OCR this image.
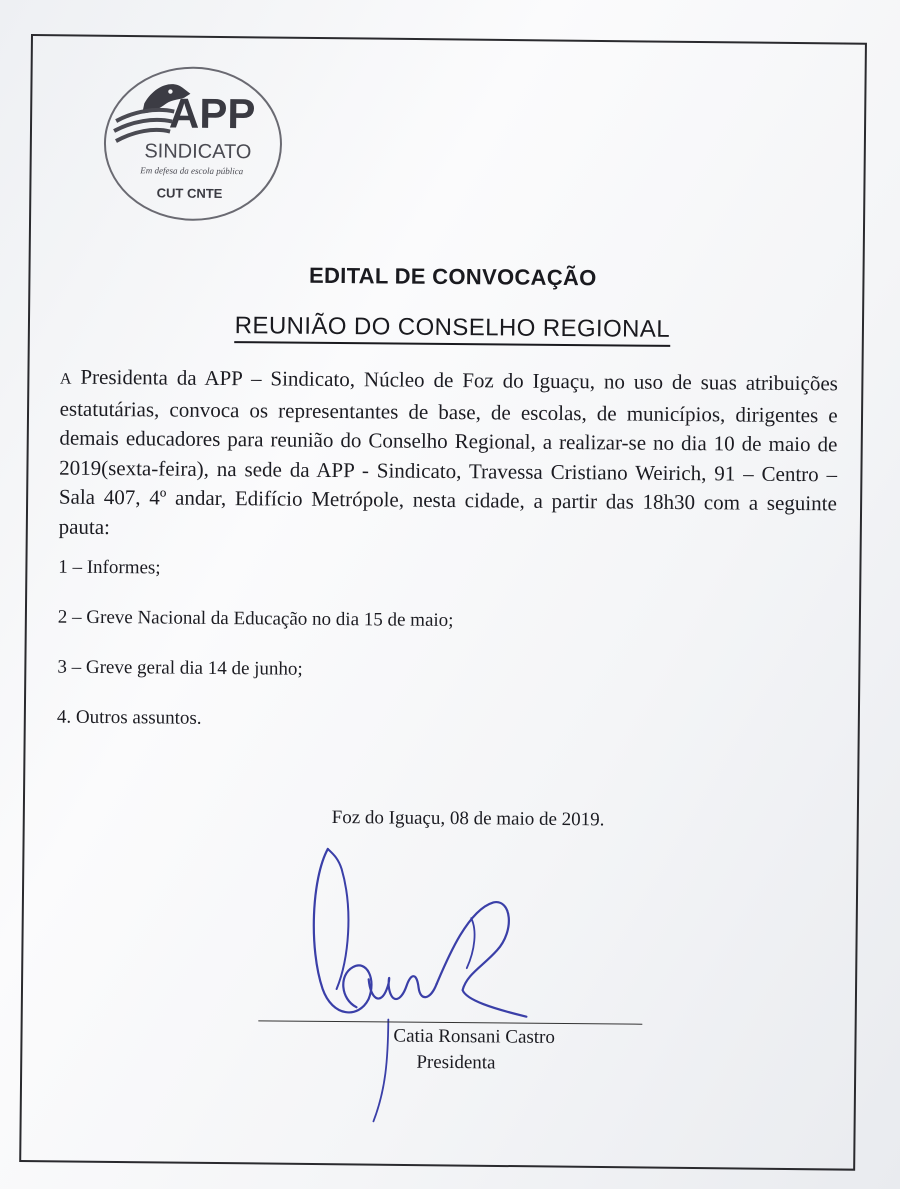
APP
SINDICATO
Em defesa da escola pública
CUT CNTE
EDITAL DE CONVOCAÇÃO
REUNIÃO DO CONSELHO REGIONAL
A Presidenta da APP – Sindicato, Núcleo de Foz do Iguaçu, no uso de suas atribuições estatutárias, convoca os representantes de base, de escolas, de municípios, dirigentes e demais educadores para reunião do Conselho Regional, a realizar-se no dia 10 de maio de 2019(sexta-feira), na sede da APP - Sindicato, Travessa Cristiano Weirich, 91 – Centro – Sala 407, 4º andar, Edifício Metrópole, nesta cidade, a partir das 18h30 com a seguinte pauta:
1 – Informes;
2 – Greve Nacional da Educação no dia 15 de maio;
3 – Greve geral dia 14 de junho;
4. Outros assuntos.
Foz do Iguaçu, 08 de maio de 2019.
Catia Ronsani Castro
Presidenta
